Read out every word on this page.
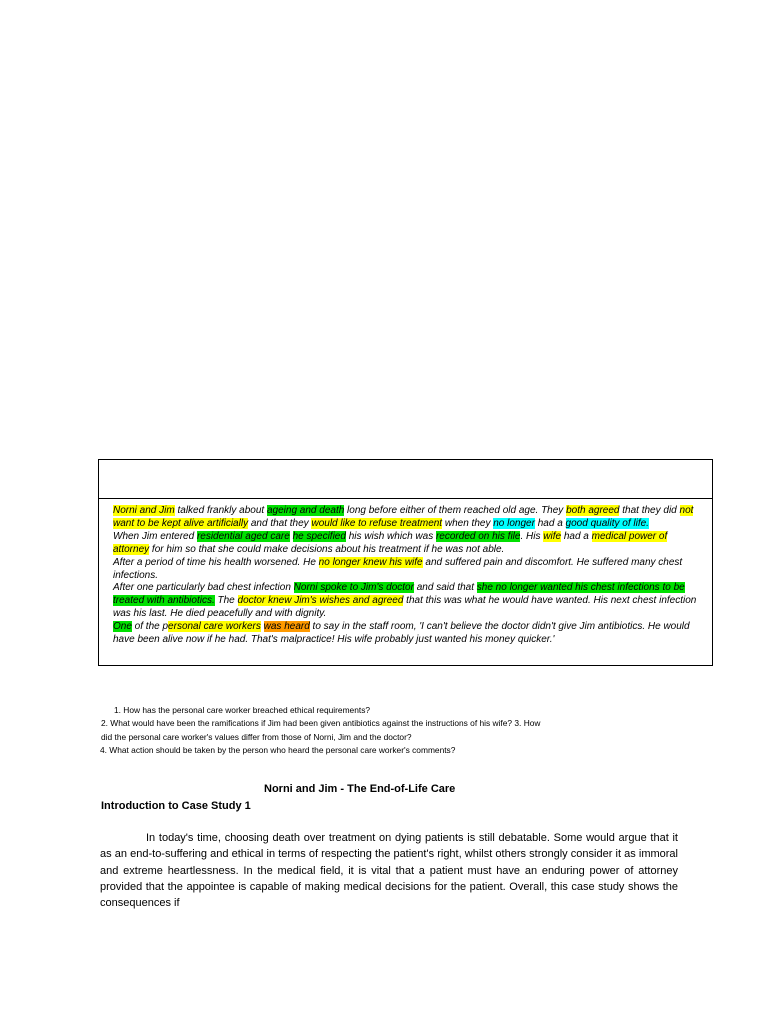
Norni and Jim talked frankly about ageing and death long before either of them reached old age. They both agreed that they did not want to be kept alive artificially and that they would like to refuse treatment when they no longer had a good quality of life.

When Jim entered residential aged care he specified his wish which was recorded on his file. His wife had a medical power of attorney for him so that she could make decisions about his treatment if he was not able.

After a period of time his health worsened. He no longer knew his wife and suffered pain and discomfort. He suffered many chest infections.

After one particularly bad chest infection Norni spoke to Jim's doctor and said that she no longer wanted his chest infections to be treated with antibiotics. The doctor knew Jim's wishes and agreed that this was what he would have wanted. His next chest infection was his last. He died peacefully and with dignity.

One of the personal care workers was heard to say in the staff room, 'I can't believe the doctor didn't give Jim antibiotics. He would have been alive now if he had. That's malpractice! His wife probably just wanted his money quicker.'

1. How has the personal care worker breached ethical requirements?

2. What would have been the ramifications if Jim had been given antibiotics against the instructions of his wife? 3. How did the personal care worker's values differ from those of Norni, Jim and the doctor?

4. What action should be taken by the person who heard the personal care worker's comments?

Norni and Jim - The End-of-Life Care
Introduction to Case Study 1

In today's time, choosing death over treatment on dying patients is still debatable. Some would argue that it as an end-to-suffering and ethical in terms of respecting the patient's right, whilst others strongly consider it as immoral and extreme heartlessness. In the medical field, it is vital that a patient must have an enduring power of attorney provided that the appointee is capable of making medical decisions for the patient. Overall, this case study shows the consequences if
